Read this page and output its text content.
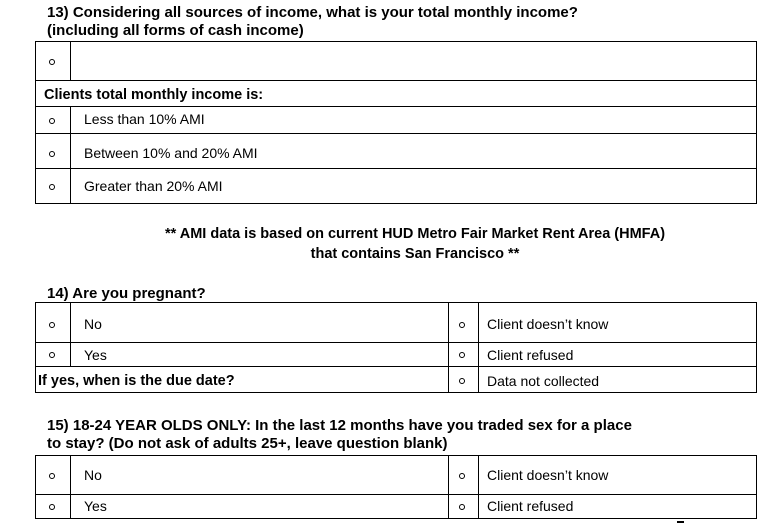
13) Considering all sources of income, what is your total monthly income?
(including all forms of cash income)
Clients total monthly income is:
Less than 10% AMI
Between 10% and 20% AMI
Greater than 20% AMI
** AMI data is based on current HUD Metro Fair Market Rent Area (HMFA)
that contains San Francisco **
14) Are you pregnant?
No
Yes
If yes, when is the due date?
Client doesn’t know
Client refused
Data not collected
15) 18-24 YEAR OLDS ONLY: In the last 12 months have you traded sex for a place
to stay? (Do not ask of adults 25+, leave question blank)
No
Yes
Client doesn’t know
Client refused
